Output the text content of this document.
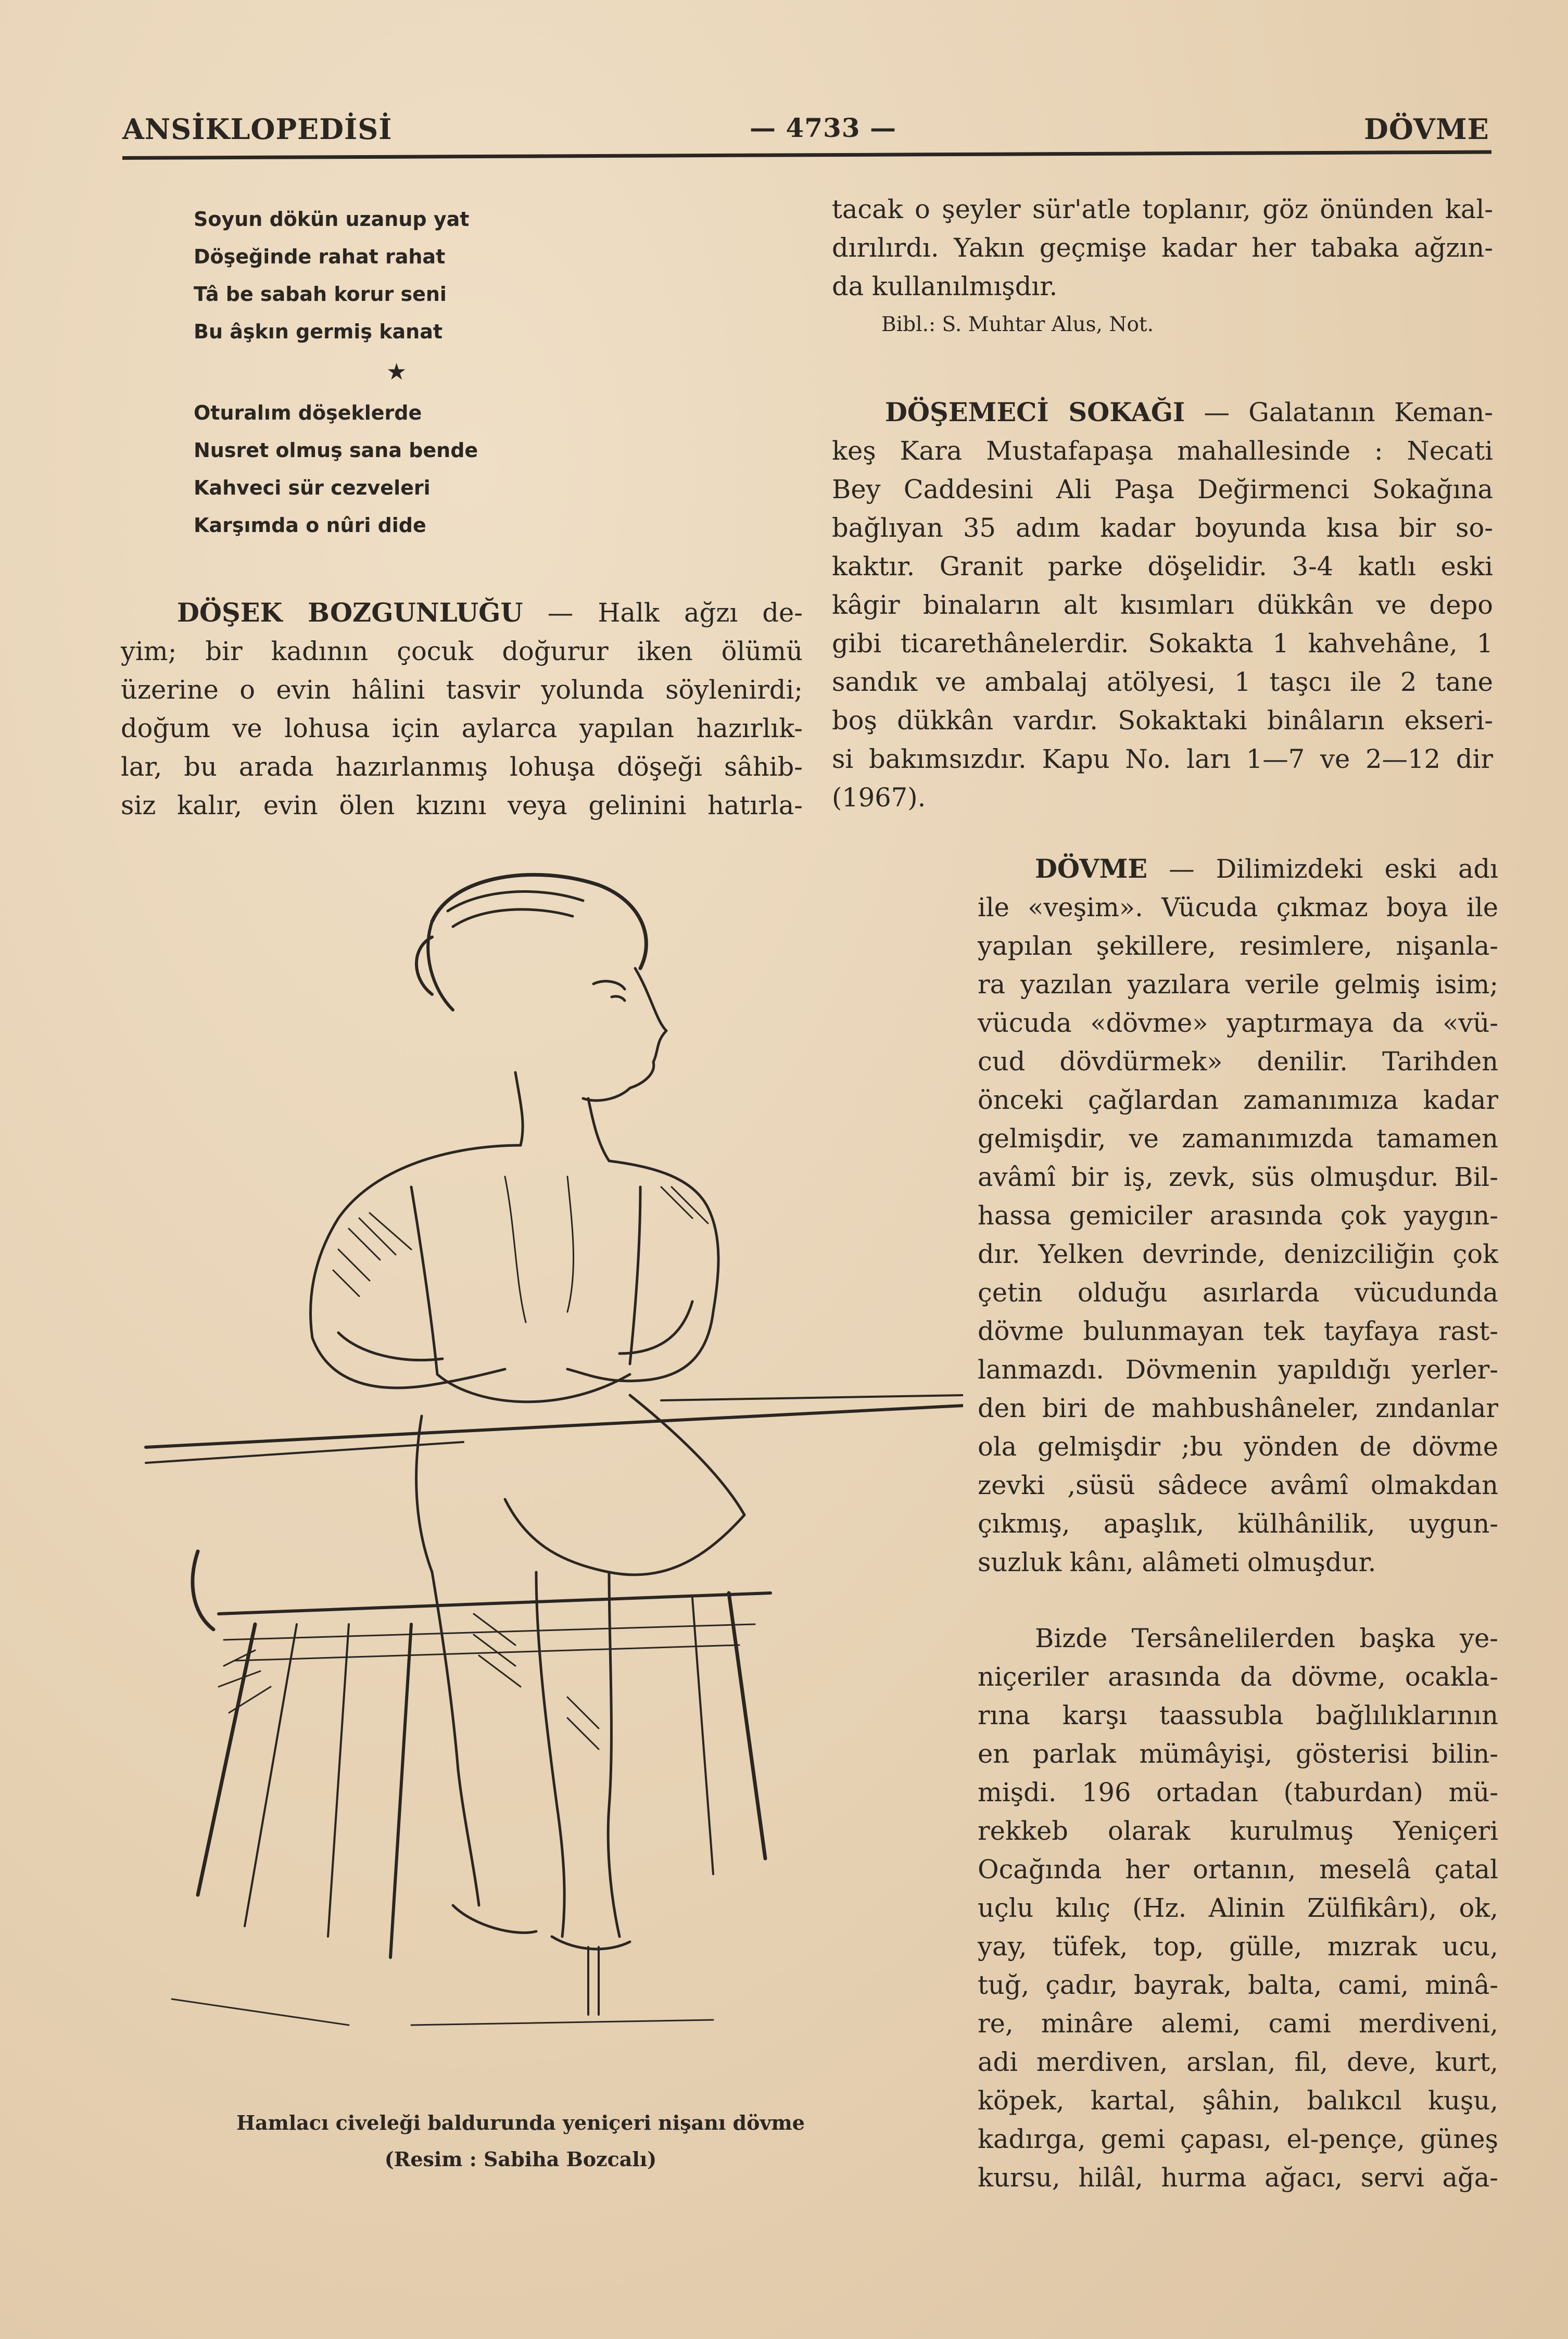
ANSİKLOPEDİSİ	— 4733 —	DÖVME
Soyun dökün uzanup yat
Döşeğinde rahat rahat
Tâ be sabah korur seni
Bu âşkın germiş kanat
★
Oturalım döşeklerde
Nusret olmuş sana bende
Kahveci sür cezveleri
Karşımda o nûri dide
DÖŞEK BOZGUNLUĞU — Halk ağzı de-
yim; bir kadının çocuk doğurur iken ölümü
üzerine o evin hâlini tasvir yolunda söylenirdi;
doğum ve lohusa için aylarca yapılan hazırlık-
lar, bu arada hazırlanmış lohuşa döşeği sâhib-
siz kalır, evin ölen kızını veya gelinini hatırla-
tacak o şeyler sür'atle toplanır, göz önünden kal-
dırılırdı. Yakın geçmişe kadar her tabaka ağzın-
da kullanılmışdır.
Bibl.: S. Muhtar Alus, Not.
DÖŞEMECİ SOKAĞI — Galatanın Keman-
keş Kara Mustafapaşa mahallesinde : Necati
Bey Caddesini Ali Paşa Değirmenci Sokağına
bağlıyan 35 adım kadar boyunda kısa bir so-
kaktır. Granit parke döşelidir. 3-4 katlı eski
kâgir binaların alt kısımları dükkân ve depo
gibi ticarethânelerdir. Sokakta 1 kahvehâne, 1
sandık ve ambalaj atölyesi, 1 taşcı ile 2 tane
boş dükkân vardır. Sokaktaki binâların ekseri-
si bakımsızdır. Kapu No. ları 1—7 ve 2—12 dir
(1967).
DÖVME — Dilimizdeki eski adı
ile «veşim». Vücuda çıkmaz boya ile
yapılan şekillere, resimlere, nişanla-
ra yazılan yazılara verile gelmiş isim;
vücuda «dövme» yaptırmaya da «vü-
cud dövdürmek» denilir. Tarihden
önceki çağlardan zamanımıza kadar
gelmişdir, ve zamanımızda tamamen
avâmî bir iş, zevk, süs olmuşdur. Bil-
hassa gemiciler arasında çok yaygın-
dır. Yelken devrinde, denizciliğin çok
çetin olduğu asırlarda vücudunda
dövme bulunmayan tek tayfaya rast-
lanmazdı. Dövmenin yapıldığı yerler-
den biri de mahbushâneler, zındanlar
ola gelmişdir ;bu yönden de dövme
zevki ,süsü sâdece avâmî olmakdan
çıkmış, apaşlık, külhânilik, uygun-
suzluk kânı, alâmeti olmuşdur.
Bizde Tersânelilerden başka ye-
niçeriler arasında da dövme, ocakla-
rına karşı taassubla bağlılıklarının
en parlak mümâyişi, gösterisi bilin-
mişdi. 196 ortadan (taburdan) mü-
rekkeb olarak kurulmuş Yeniçeri
Ocağında her ortanın, meselâ çatal
uçlu kılıç (Hz. Alinin Zülfikârı), ok,
yay, tüfek, top, gülle, mızrak ucu,
tuğ, çadır, bayrak, balta, cami, minâ-
re, minâre alemi, cami merdiveni,
adi merdiven, arslan, fil, deve, kurt,
köpek, kartal, şâhin, balıkcıl kuşu,
kadırga, gemi çapası, el-pençe, güneş
kursu, hilâl, hurma ağacı, servi ağa-
Hamlacı civeleği baldurunda yeniçeri nişanı dövme
(Resim : Sabiha Bozcalı)
